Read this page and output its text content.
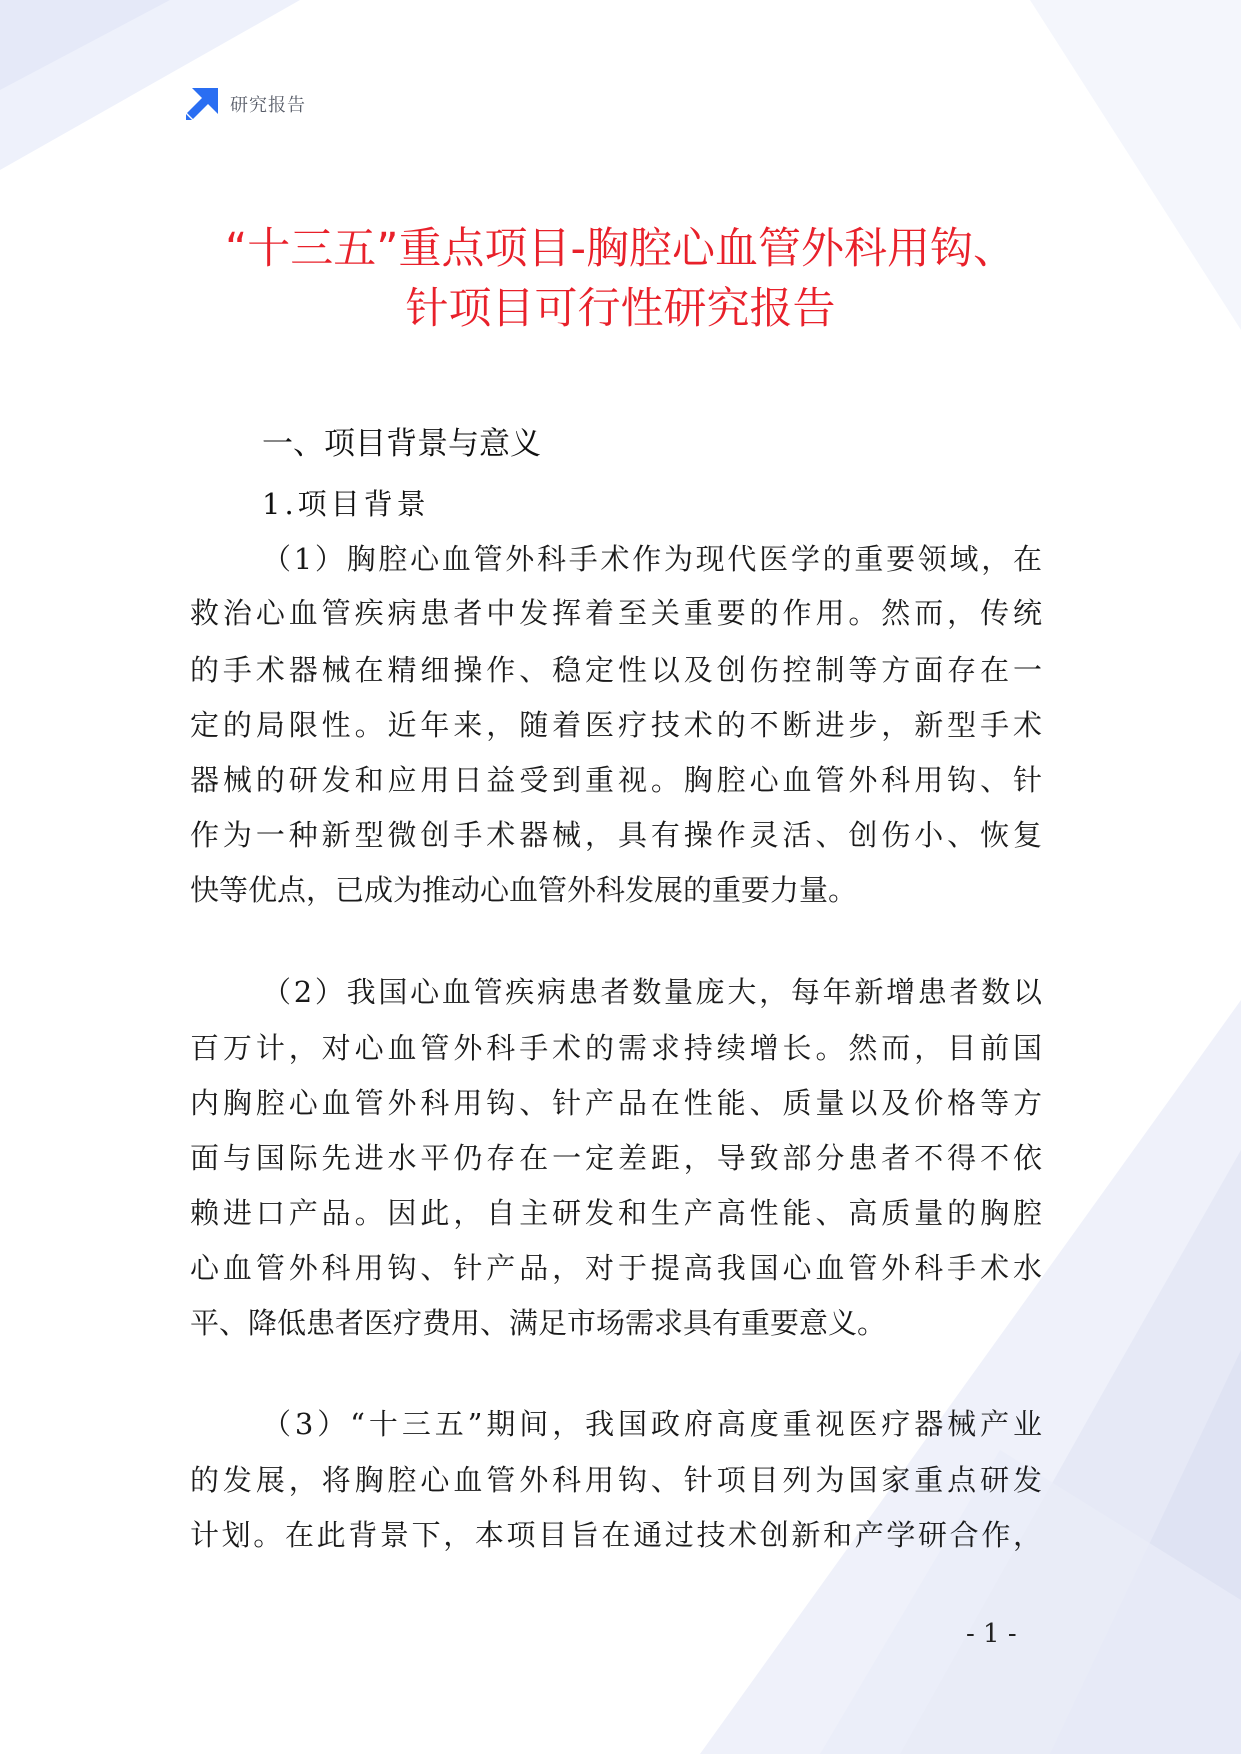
研究报告
“十三五”重点项目-胸腔心血管外科用钩、
针项目可行性研究报告
一、项目背景与意义
1.项目背景
（1）胸腔心血管外科手术作为现代医学的重要领域，在
救治心血管疾病患者中发挥着至关重要的作用。然而，传统
的手术器械在精细操作、稳定性以及创伤控制等方面存在一
定的局限性。近年来，随着医疗技术的不断进步，新型手术
器械的研发和应用日益受到重视。胸腔心血管外科用钩、针
作为一种新型微创手术器械，具有操作灵活、创伤小、恢复
快等优点，已成为推动心血管外科发展的重要力量。
（2）我国心血管疾病患者数量庞大，每年新增患者数以
百万计，对心血管外科手术的需求持续增长。然而，目前国
内胸腔心血管外科用钩、针产品在性能、质量以及价格等方
面与国际先进水平仍存在一定差距，导致部分患者不得不依
赖进口产品。因此，自主研发和生产高性能、高质量的胸腔
心血管外科用钩、针产品，对于提高我国心血管外科手术水
平、降低患者医疗费用、满足市场需求具有重要意义。
（3）“十三五”期间，我国政府高度重视医疗器械产业
的发展，将胸腔心血管外科用钩、针项目列为国家重点研发
计划。在此背景下，本项目旨在通过技术创新和产学研合作，
- 1 -
